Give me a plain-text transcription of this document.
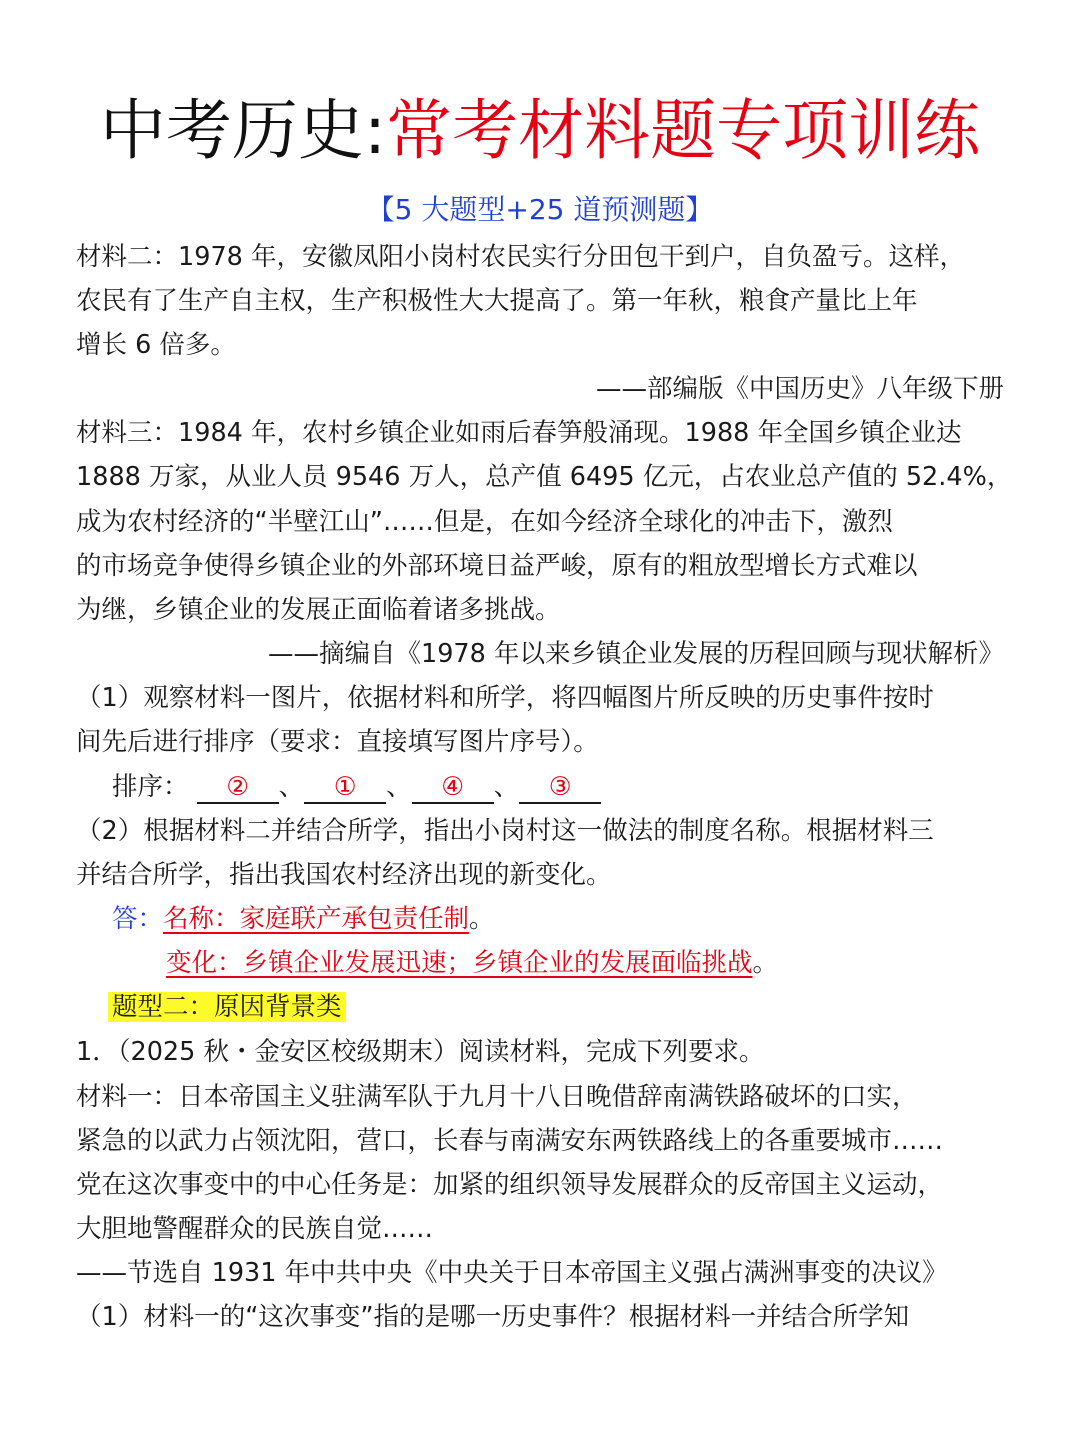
中考历史:常考材料题专项训练
【5 大题型+25 道预测题】
材料二：1978 年，安徽凤阳小岗村农民实行分田包干到户，自负盈亏。这样，
农民有了生产自主权，生产积极性大大提高了。第一年秋，粮食产量比上年
增长 6 倍多。
——部编版《中国历史》八年级下册
材料三：1984 年，农村乡镇企业如雨后春笋般涌现。1988 年全国乡镇企业达
1888 万家，从业人员 9546 万人，总产值 6495 亿元，占农业总产值的 52.4%，
成为农村经济的“半壁江山”……但是，在如今经济全球化的冲击下，激烈
的市场竞争使得乡镇企业的外部环境日益严峻，原有的粗放型增长方式难以
为继，乡镇企业的发展正面临着诸多挑战。
——摘编自《1978 年以来乡镇企业发展的历程回顾与现状解析》
（1）观察材料一图片，依据材料和所学，将四幅图片所反映的历史事件按时
间先后进行排序（要求：直接填写图片序号）。
排序： ② 、 ① 、 ④ 、 ③
（2）根据材料二并结合所学，指出小岗村这一做法的制度名称。根据材料三
并结合所学，指出我国农村经济出现的新变化。
答：名称：家庭联产承包责任制。
变化：乡镇企业发展迅速；乡镇企业的发展面临挑战。
题型二：原因背景类
1．（2025 秋・金安区校级期末）阅读材料，完成下列要求。
材料一：日本帝国主义驻满军队于九月十八日晚借辞南满铁路破坏的口实，
紧急的以武力占领沈阳，营口，长春与南满安东两铁路线上的各重要城市……
党在这次事变中的中心任务是：加紧的组织领导发展群众的反帝国主义运动，
大胆地警醒群众的民族自觉……
——节选自 1931 年中共中央《中央关于日本帝国主义强占满洲事变的决议》
（1）材料一的“这次事变”指的是哪一历史事件？根据材料一并结合所学知
